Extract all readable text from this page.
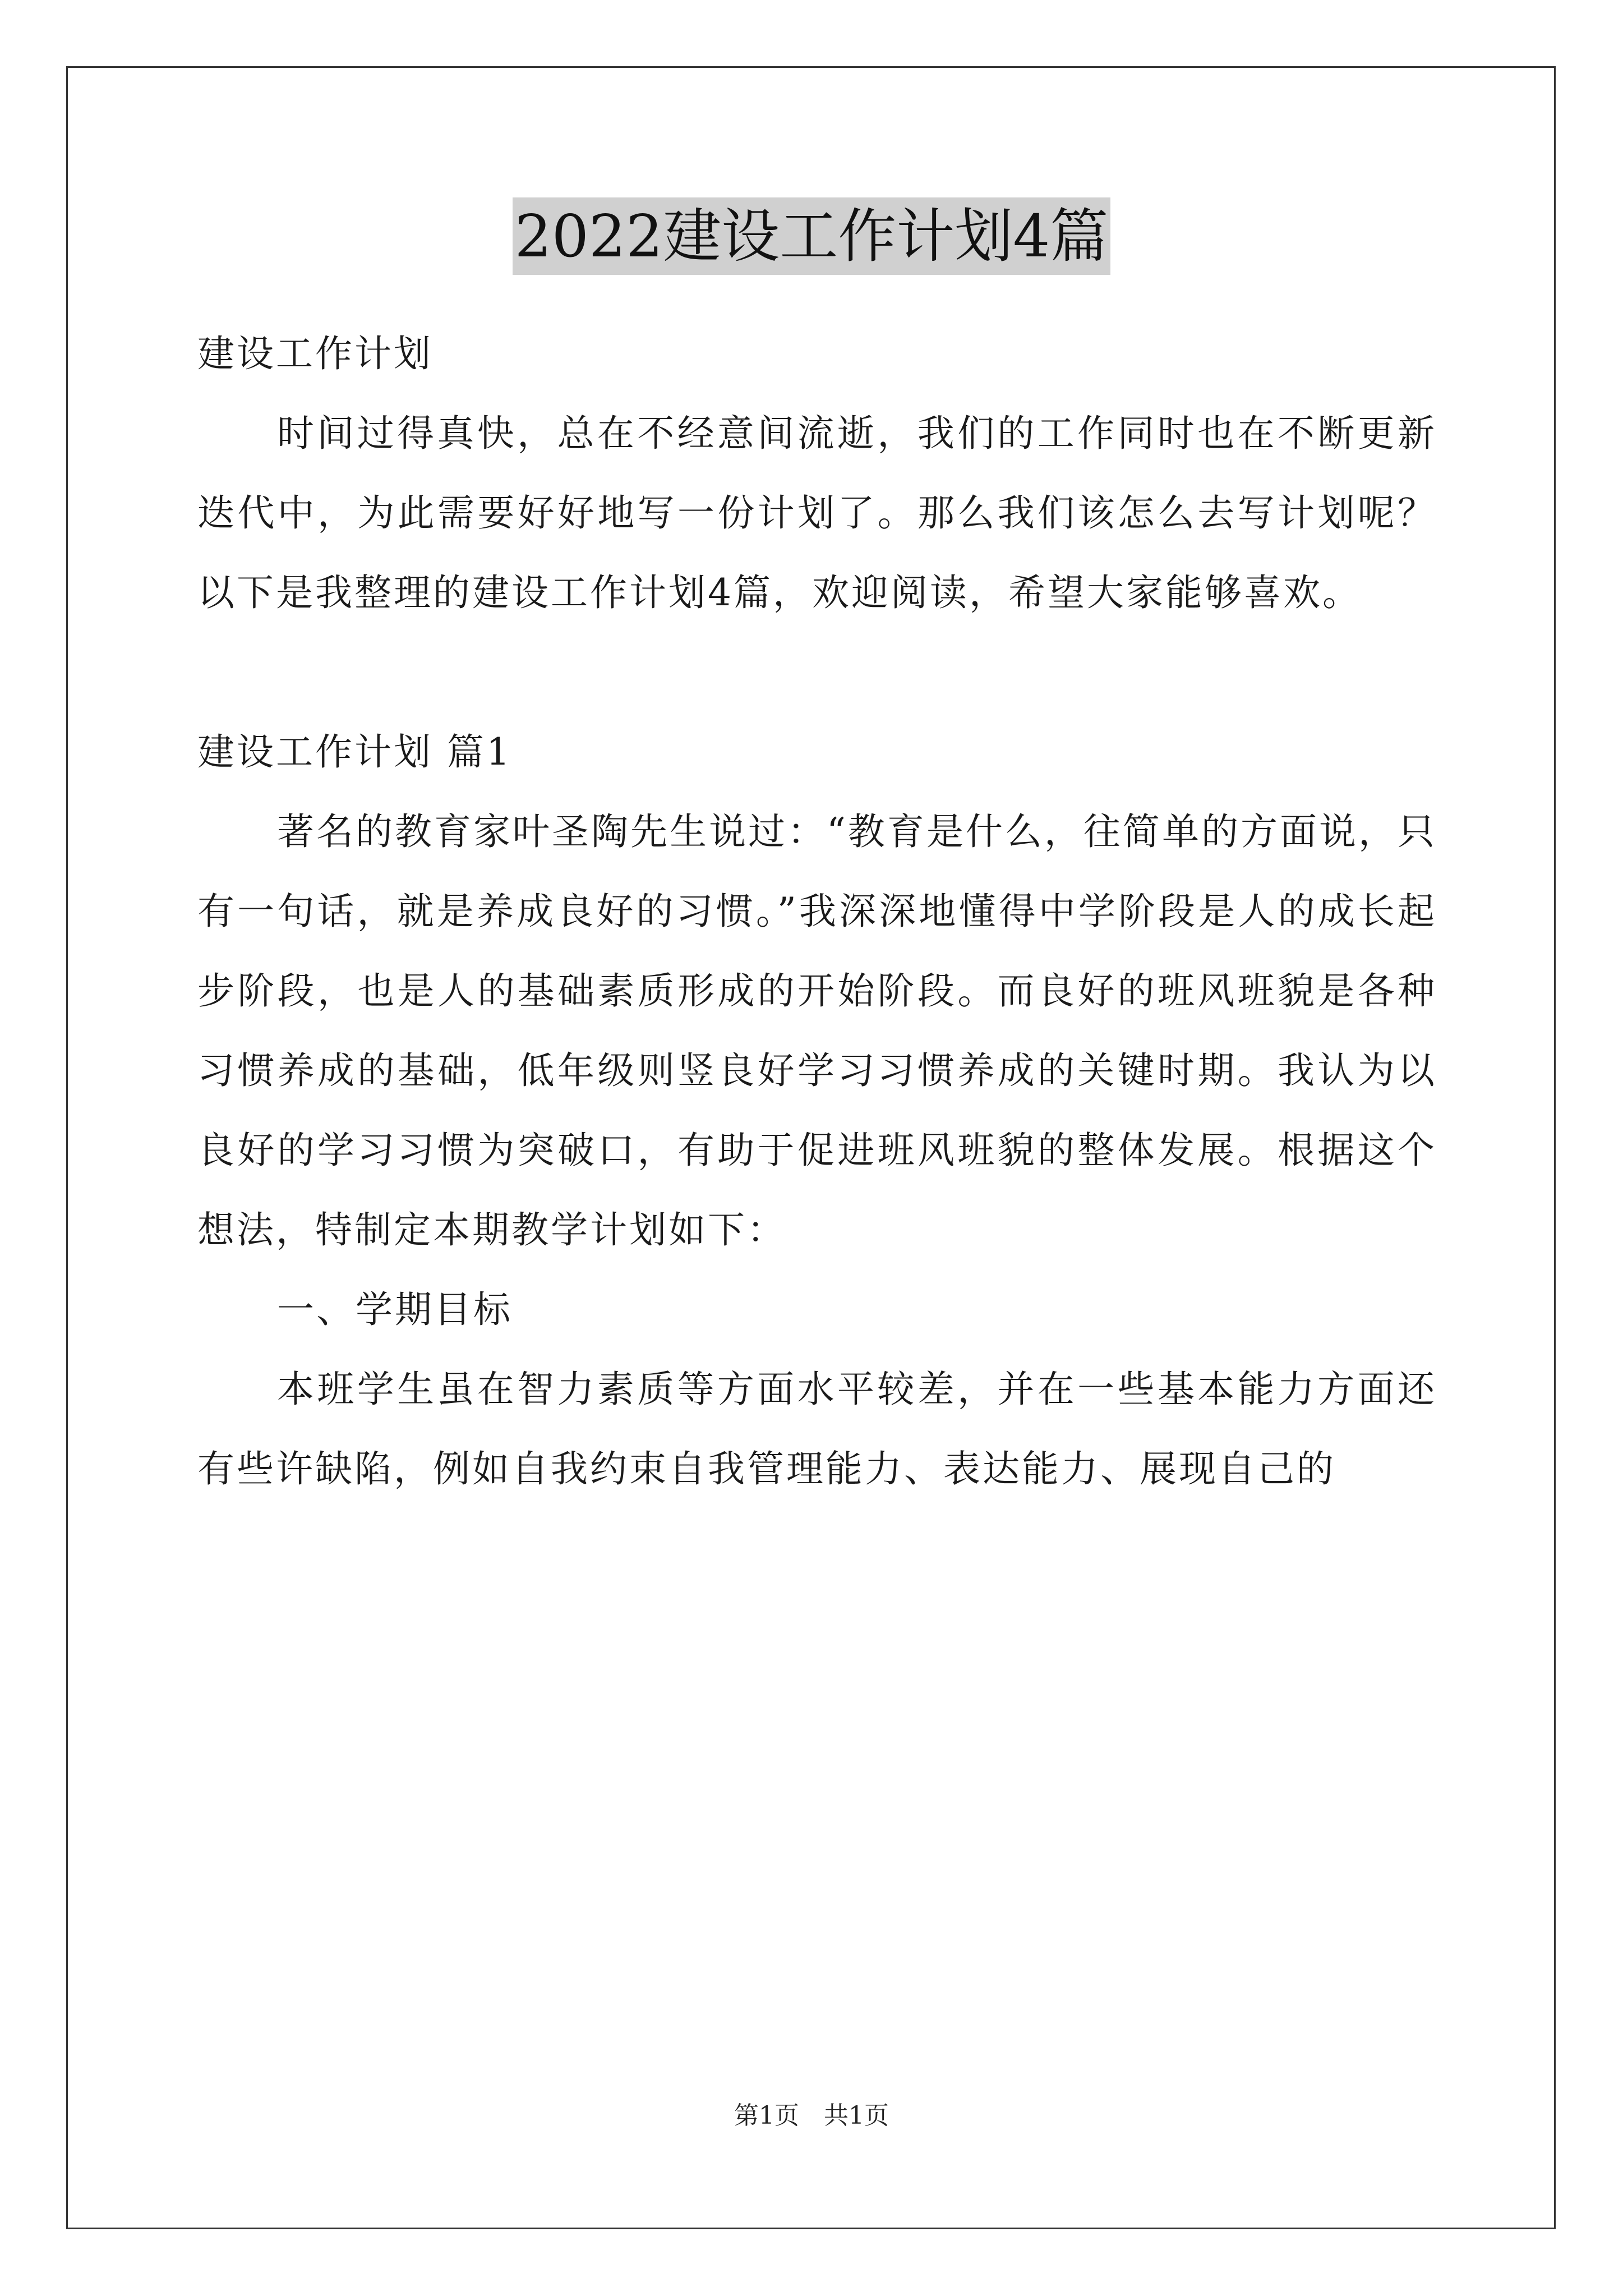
2022建设工作计划4篇

建设工作计划

时间过得真快，总在不经意间流逝，我们的工作同时也在不断更新迭代中，为此需要好好地写一份计划了。那么我们该怎么去写计划呢？以下是我整理的建设工作计划4篇，欢迎阅读，希望大家能够喜欢。

建设工作计划 篇1

著名的教育家叶圣陶先生说过：“教育是什么，往简单的方面说，只有一句话，就是养成良好的习惯。”我深深地懂得中学阶段是人的成长起步阶段，也是人的基础素质形成的开始阶段。而良好的班风班貌是各种习惯养成的基础，低年级则竖良好学习习惯养成的关键时期。我认为以良好的学习习惯为突破口，有助于促进班风班貌的整体发展。根据这个想法，特制定本期教学计划如下：

一、学期目标

本班学生虽在智力素质等方面水平较差，并在一些基本能力方面还有些许缺陷，例如自我约束自我管理能力、表达能力、展现自己的

第1页　共1页
